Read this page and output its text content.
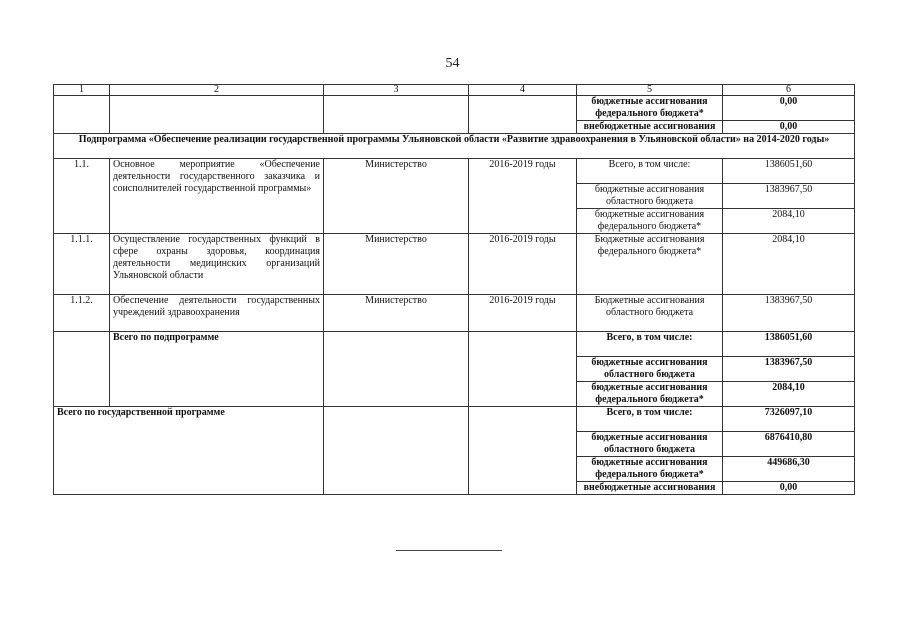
54
1	2	3	4	5	6
				бюджетные ассигнования федерального бюджета*	0,00
				внебюджетные ассигнования	0,00
Подпрограмма «Обеспечение реализации государственной программы Ульяновской области «Развитие здравоохранения в Ульяновской области» на 2014-2020 годы»					
1.1.	Основное мероприятие «Обеспечение деятельности государственного заказчика и соисполнителей государственной программы»	Министерство	2016-2019 годы	Всего, в том числе:	1386051,60
				бюджетные ассигнования областного бюджета	1383967,50
				бюджетные ассигнования федерального бюджета*	2084,10
1.1.1.	Осуществление государственных функций в сфере охраны здоровья, координация деятельности медицинских организаций Ульяновской области	Министерство	2016-2019 годы	Бюджетные ассигнования федерального бюджета*	2084,10
1.1.2.	Обеспечение деятельности государственных учреждений здравоохранения	Министерство	2016-2019 годы	Бюджетные ассигнования областного бюджета	1383967,50
	Всего по подпрограмме			Всего, в том числе:	1386051,60
				бюджетные ассигнования областного бюджета	1383967,50
				бюджетные ассигнования федерального бюджета*	2084,10
Всего по государственной программе				Всего, в том числе:	7326097,10
				бюджетные ассигнования областного бюджета	6876410,80
				бюджетные ассигнования федерального бюджета*	449686,30
				внебюджетные ассигнования	0,00
